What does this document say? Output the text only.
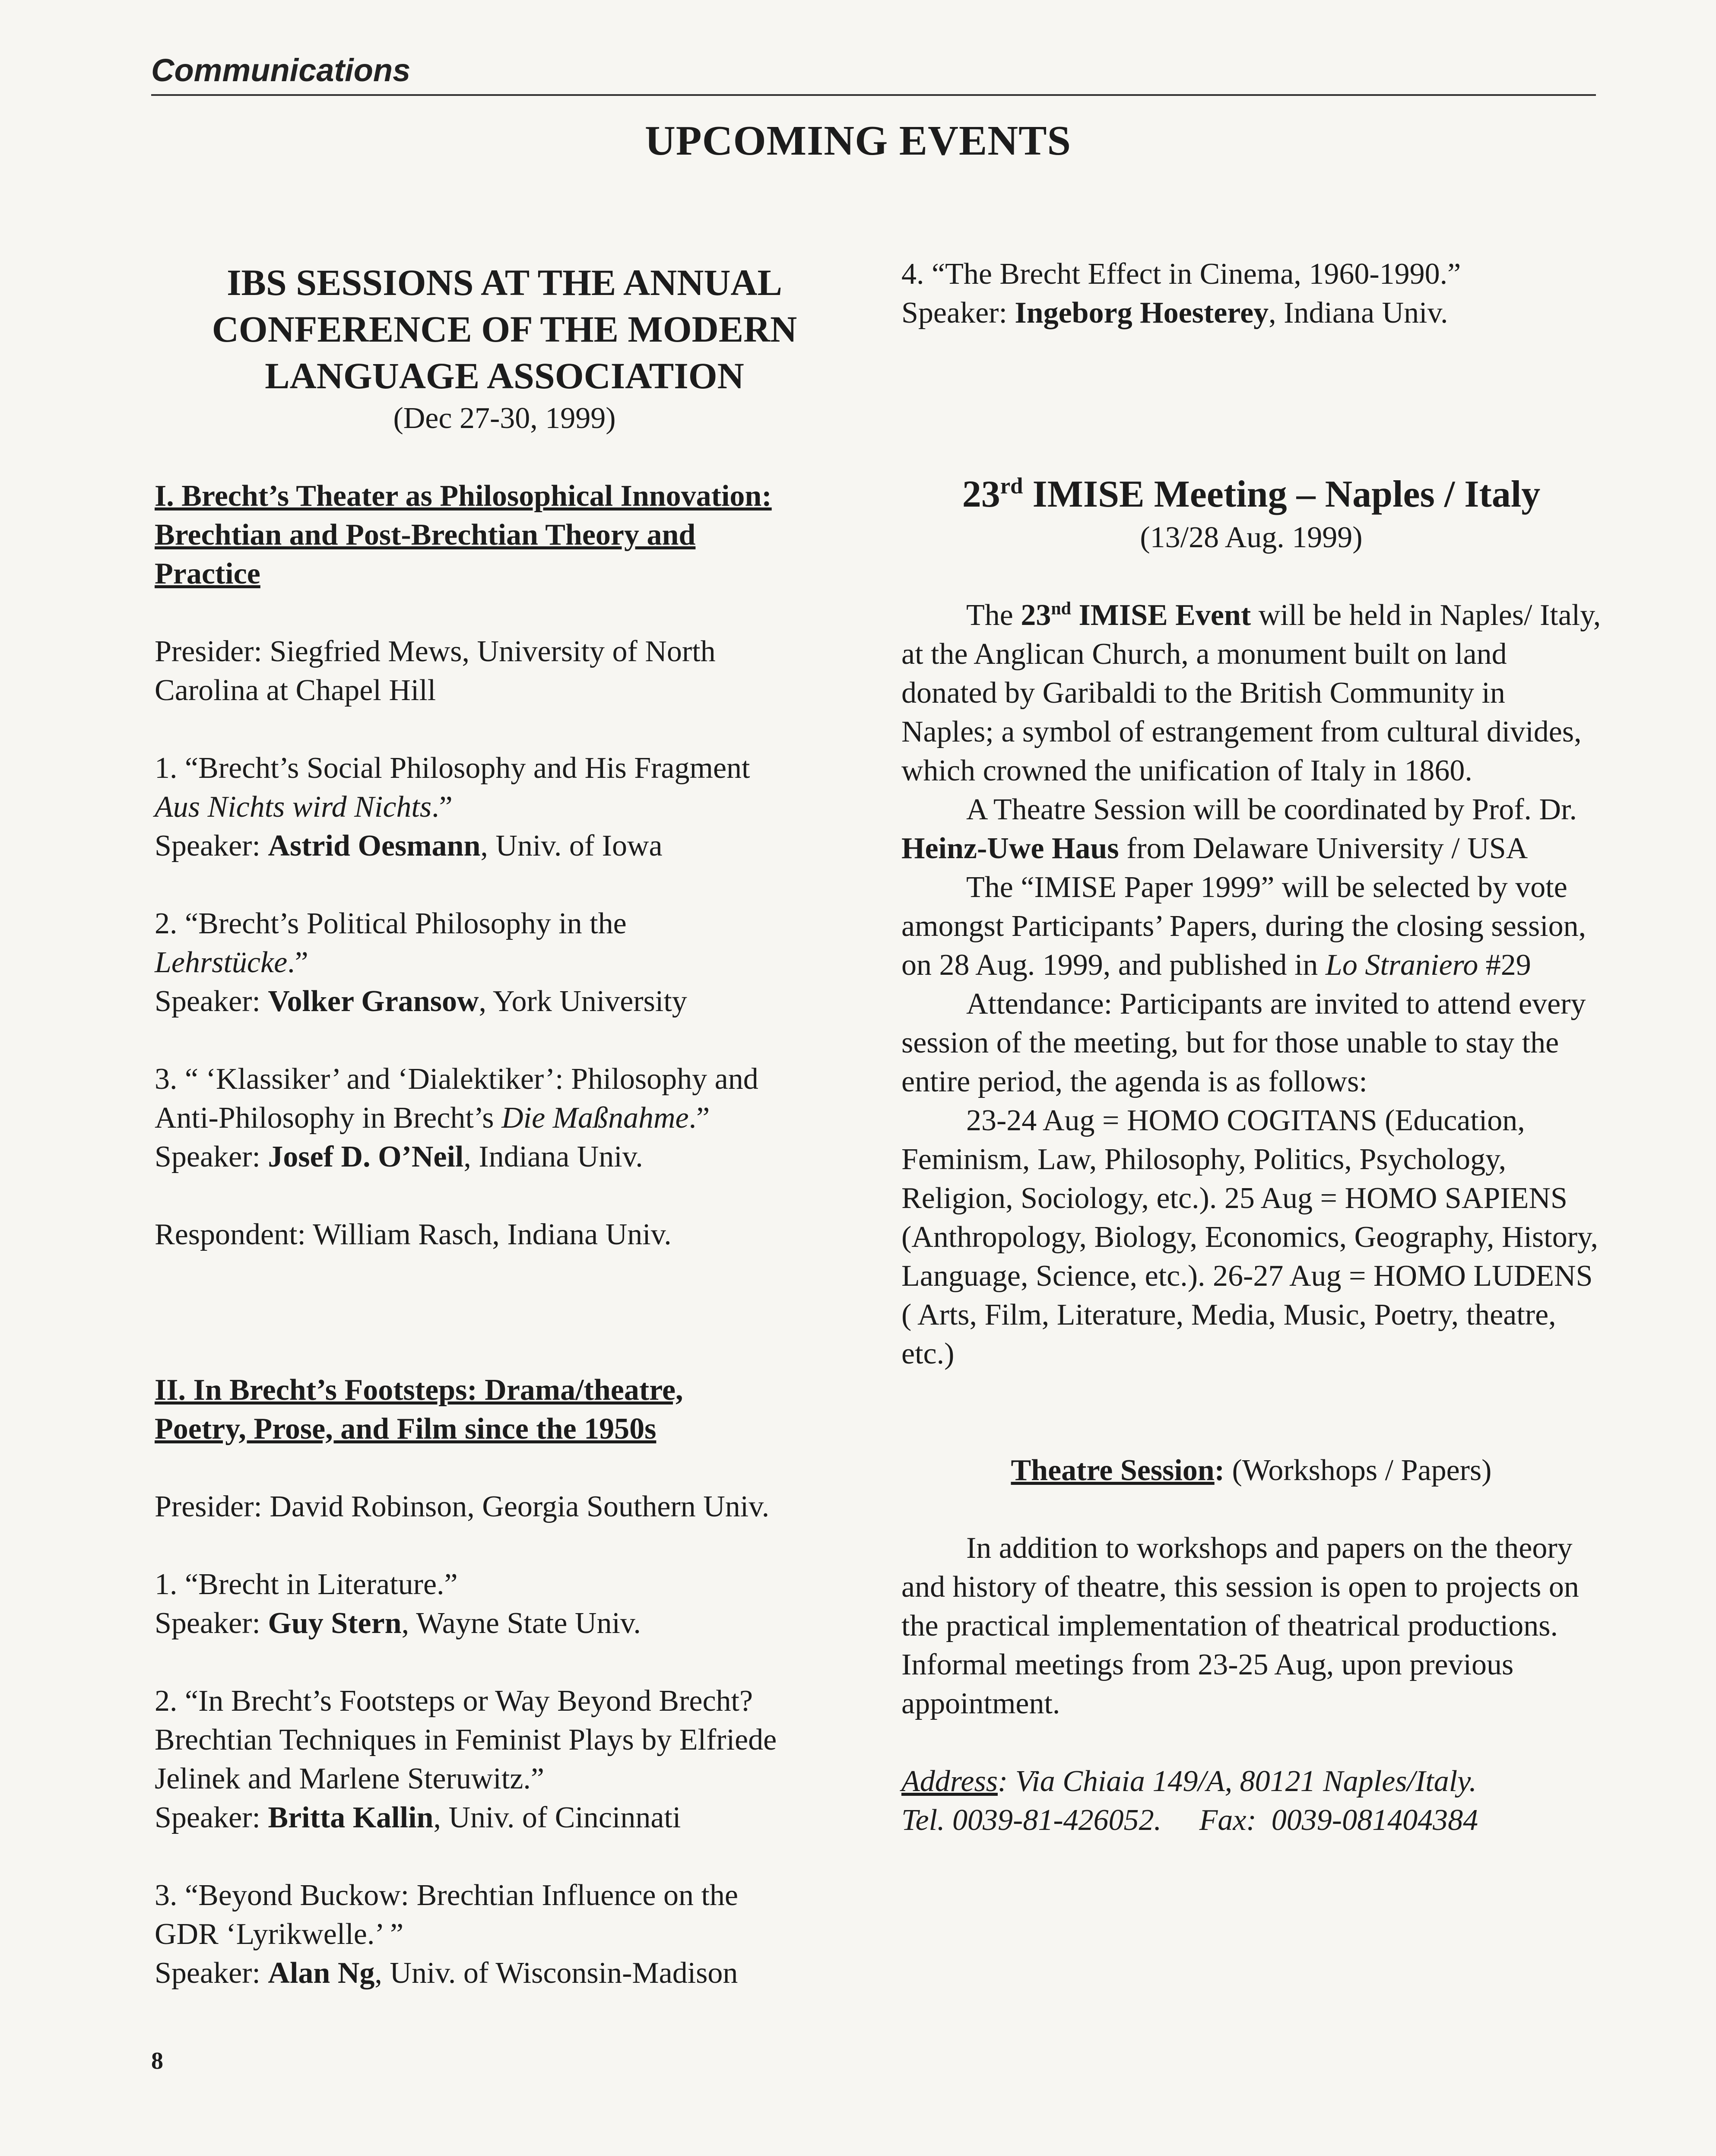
Communications
UPCOMING EVENTS

IBS SESSIONS AT THE ANNUAL

CONFERENCE OF THE MODERN

LANGUAGE ASSOCIATION

(Dec 27-30, 1999)

I. Brecht’s Theater as Philosophical Innovation:

Brechtian and Post-Brechtian Theory and

Practice

Presider: Siegfried Mews, University of North

Carolina at Chapel Hill

1. “Brecht’s Social Philosophy and His Fragment

Aus Nichts wird Nichts.”

Speaker: Astrid Oesmann, Univ. of Iowa

2. “Brecht’s Political Philosophy in the

Lehrstücke.”

Speaker: Volker Gransow, York University

3. “ ‘Klassiker’ and ‘Dialektiker’: Philosophy and

Anti-Philosophy in Brecht’s Die Maßnahme.”

Speaker: Josef D. O’Neil, Indiana Univ.

Respondent: William Rasch, Indiana Univ.

II. In Brecht’s Footsteps: Drama/theatre,

Poetry, Prose, and Film since the 1950s

Presider: David Robinson, Georgia Southern Univ.

1. “Brecht in Literature.”

Speaker: Guy Stern, Wayne State Univ.

2. “In Brecht’s Footsteps or Way Beyond Brecht?

Brechtian Techniques in Feminist Plays by Elfriede

Jelinek and Marlene Steruwitz.”

Speaker: Britta Kallin, Univ. of Cincinnati

3. “Beyond Buckow: Brechtian Influence on the

GDR ‘Lyrikwelle.’ ”

Speaker: Alan Ng, Univ. of Wisconsin-Madison

4. “The Brecht Effect in Cinema, 1960-1990.”

Speaker: Ingeborg Hoesterey, Indiana Univ.

23rd IMISE Meeting – Naples / Italy

(13/28 Aug. 1999)

The 23nd IMISE Event will be held in Naples/ Italy, at the Anglican Church, a monument built on land donated by Garibaldi to the British Community in Naples; a symbol of estrangement from cultural divides, which crowned the unification of Italy in 1860.

A Theatre Session will be coordinated by Prof. Dr. Heinz-Uwe Haus from Delaware University / USA

The “IMISE Paper 1999” will be selected by vote amongst Participants’ Papers, during the closing session, on 28 Aug. 1999, and published in Lo Straniero #29

Attendance: Participants are invited to attend every session of the meeting, but for those unable to stay the entire period, the agenda is as follows:

23-24 Aug = HOMO COGITANS (Education, Feminism, Law, Philosophy, Politics, Psychology, Religion, Sociology, etc.). 25 Aug = HOMO SAPIENS (Anthropology, Biology, Economics, Geography, History, Language, Science, etc.). 26-27 Aug = HOMO LUDENS ( Arts, Film, Literature, Media, Music, Poetry, theatre, etc.)

Theatre Session: (Workshops / Papers)

In addition to workshops and papers on the theory and history of theatre, this session is open to projects on the practical implementation of theatrical productions. Informal meetings from 23-25 Aug, upon previous appointment.

Address: Via Chiaia 149/A, 80121 Naples/Italy.

Tel. 0039-81-426052.     Fax:  0039-081404384

8
